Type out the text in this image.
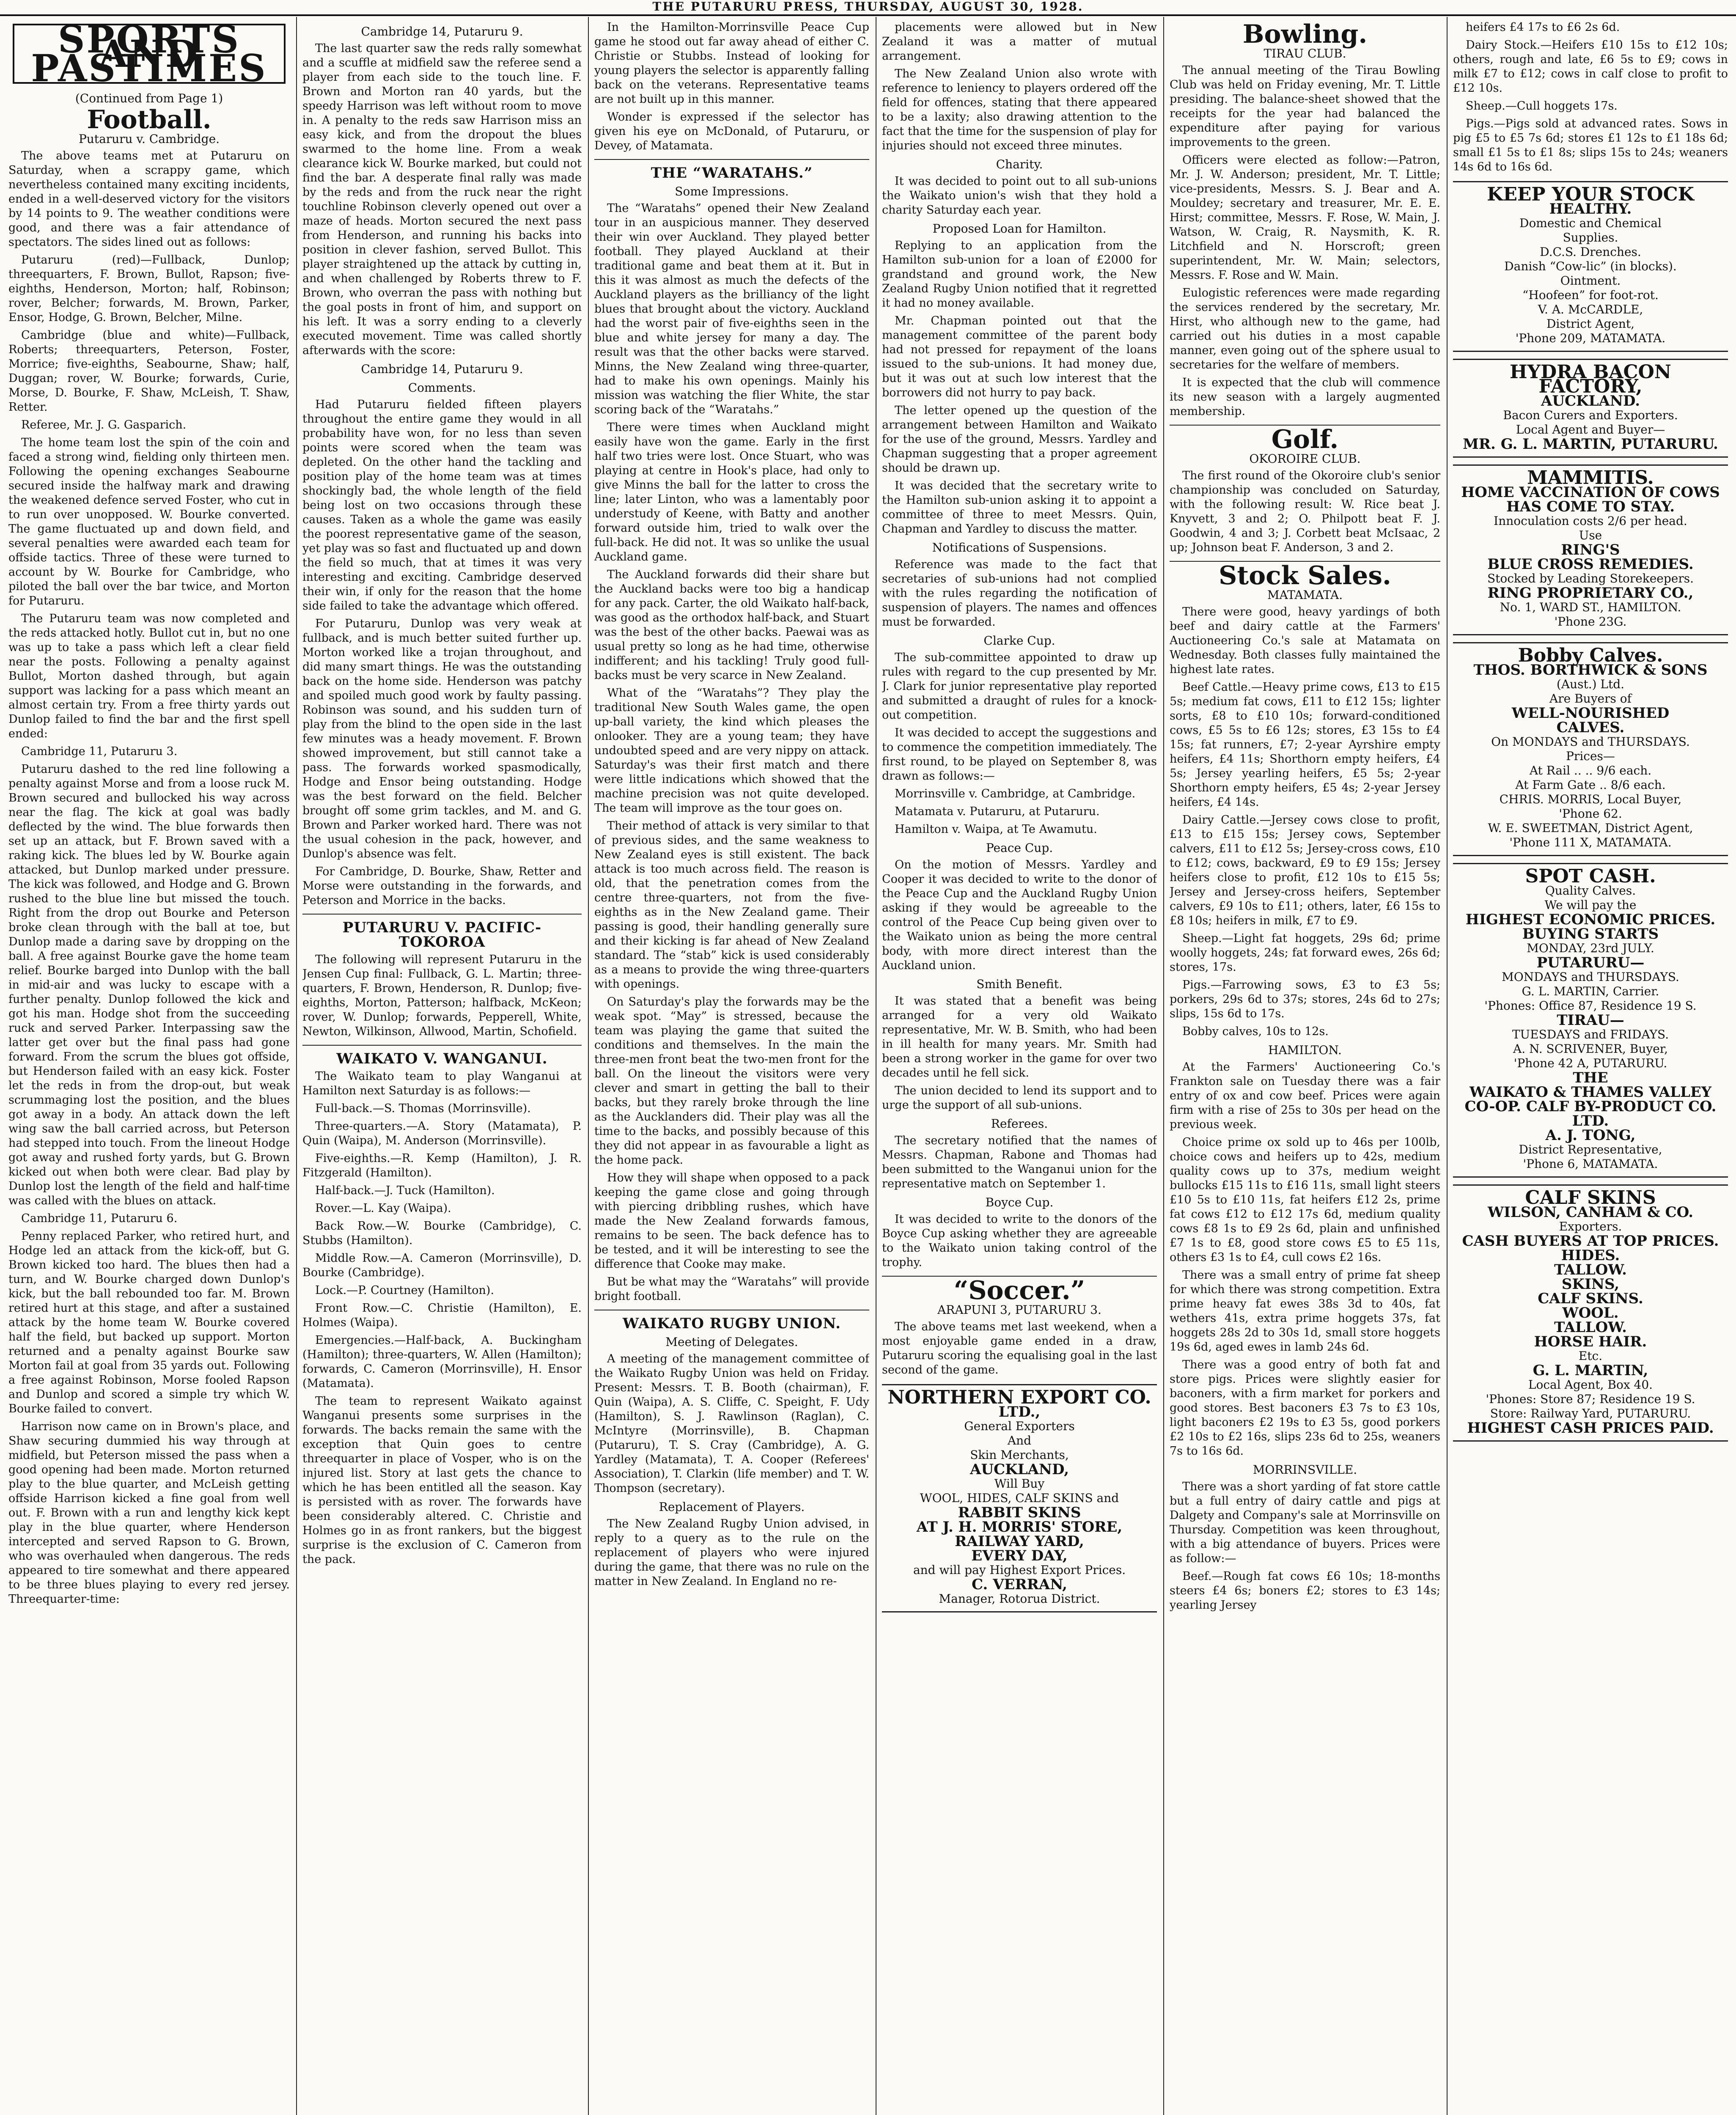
THE PUTARURU PRESS, THURSDAY, AUGUST 30, 1928.
SPORTS AND PASTIMES
(Continued from Page 1)
Football.
Putaruru v. Cambridge.

The above teams met at Putaruru on Saturday, when a scrappy game, which nevertheless contained many exciting incidents, ended in a well-deserved victory for the visitors by 14 points to 9. The weather conditions were good, and there was a fair attendance of spectators. The sides lined out as follows:

Putaruru (red)—Fullback, Dunlop; threequarters, F. Brown, Bullot, Rapson; five-eighths, Henderson, Morton; half, Robinson; rover, Belcher; forwards, M. Brown, Parker, Ensor, Hodge, G. Brown, Belcher, Milne.

Cambridge (blue and white)—Fullback, Roberts; threequarters, Peterson, Foster, Morrice; five-eighths, Seabourne, Shaw; half, Duggan; rover, W. Bourke; forwards, Curie, Morse, D. Bourke, F. Shaw, McLeish, T. Shaw, Retter.

Referee, Mr. J. G. Gasparich.

The home team lost the spin of the coin and faced a strong wind, fielding only thirteen men. Following the opening exchanges Seabourne secured inside the halfway mark and drawing the weakened defence served Foster, who cut in to run over unopposed. W. Bourke converted. The game fluctuated up and down field, and several penalties were awarded each team for offside tactics. Three of these were turned to account by W. Bourke for Cambridge, who piloted the ball over the bar twice, and Morton for Putaruru.

The Putaruru team was now completed and the reds attacked hotly. Bullot cut in, but no one was up to take a pass which left a clear field near the posts. Following a penalty against Bullot, Morton dashed through, but again support was lacking for a pass which meant an almost certain try. From a free thirty yards out Dunlop failed to find the bar and the first spell ended:

Cambridge 11, Putaruru 3.

Putaruru dashed to the red line following a penalty against Morse and from a loose ruck M. Brown secured and bullocked his way across near the flag. The kick at goal was badly deflected by the wind. The blue forwards then set up an attack, but F. Brown saved with a raking kick. The blues led by W. Bourke again attacked, but Dunlop marked under pressure. The kick was followed, and Hodge and G. Brown rushed to the blue line but missed the touch. Right from the drop out Bourke and Peterson broke clean through with the ball at toe, but Dunlop made a daring save by dropping on the ball. A free against Bourke gave the home team relief. Bourke barged into Dunlop with the ball in mid-air and was lucky to escape with a further penalty. Dunlop followed the kick and got his man. Hodge shot from the succeeding ruck and served Parker. Interpassing saw the latter get over but the final pass had gone forward. From the scrum the blues got offside, but Henderson failed with an easy kick. Foster let the reds in from the drop-out, but weak scrummaging lost the position, and the blues got away in a body. An attack down the left wing saw the ball carried across, but Peterson had stepped into touch. From the lineout Hodge got away and rushed forty yards, but G. Brown kicked out when both were clear. Bad play by Dunlop lost the length of the field and half-time was called with the blues on attack.

Cambridge 11, Putaruru 6.

Penny replaced Parker, who retired hurt, and Hodge led an attack from the kick-off, but G. Brown kicked too hard. The blues then had a turn, and W. Bourke charged down Dunlop's kick, but the ball rebounded too far. M. Brown retired hurt at this stage, and after a sustained attack by the home team W. Bourke covered half the field, but backed up support. Morton returned and a penalty against Bourke saw Morton fail at goal from 35 yards out. Following a free against Robinson, Morse fooled Rapson and Dunlop and scored a simple try which W. Bourke failed to convert.

Harrison now came on in Brown's place, and Shaw securing dummied his way through at midfield, but Peterson missed the pass when a good opening had been made. Morton returned play to the blue quarter, and McLeish getting offside Harrison kicked a fine goal from well out. F. Brown with a run and lengthy kick kept play in the blue quarter, where Henderson intercepted and served Rapson to G. Brown, who was overhauled when dangerous. The reds appeared to tire somewhat and there appeared to be three blues playing to every red jersey. Threequarter-time:

Cambridge 14, Putaruru 9.

The last quarter saw the reds rally somewhat and a scuffle at midfield saw the referee send a player from each side to the touch line. F. Brown and Morton ran 40 yards, but the speedy Harrison was left without room to move in. A penalty to the reds saw Harrison miss an easy kick, and from the dropout the blues swarmed to the home line. From a weak clearance kick W. Bourke marked, but could not find the bar. A desperate final rally was made by the reds and from the ruck near the right touchline Robinson cleverly opened out over a maze of heads. Morton secured the next pass from Henderson, and running his backs into position in clever fashion, served Bullot. This player straightened up the attack by cutting in, and when challenged by Roberts threw to F. Brown, who overran the pass with nothing but the goal posts in front of him, and support on his left. It was a sorry ending to a cleverly executed movement. Time was called shortly afterwards with the score:

Cambridge 14, Putaruru 9.
Comments.

Had Putaruru fielded fifteen players throughout the entire game they would in all probability have won, for no less than seven points were scored when the team was depleted. On the other hand the tackling and position play of the home team was at times shockingly bad, the whole length of the field being lost on two occasions through these causes. Taken as a whole the game was easily the poorest representative game of the season, yet play was so fast and fluctuated up and down the field so much, that at times it was very interesting and exciting. Cambridge deserved their win, if only for the reason that the home side failed to take the advantage which offered.

For Putaruru, Dunlop was very weak at fullback, and is much better suited further up. Morton worked like a trojan throughout, and did many smart things. He was the outstanding back on the home side. Henderson was patchy and spoiled much good work by faulty passing. Robinson was sound, and his sudden turn of play from the blind to the open side in the last few minutes was a heady movement. F. Brown showed improvement, but still cannot take a pass. The forwards worked spasmodically, Hodge and Ensor being outstanding. Hodge was the best forward on the field. Belcher brought off some grim tackles, and M. and G. Brown and Parker worked hard. There was not the usual cohesion in the pack, however, and Dunlop's absence was felt.

For Cambridge, D. Bourke, Shaw, Retter and Morse were outstanding in the forwards, and Peterson and Morrice in the backs.

PUTARURU V. PACIFIC-TOKOROA

The following will represent Putaruru in the Jensen Cup final: Fullback, G. L. Martin; three-quarters, F. Brown, Henderson, R. Dunlop; five-eighths, Morton, Patterson; halfback, McKeon; rover, W. Dunlop; forwards, Pepperell, White, Newton, Wilkinson, Allwood, Martin, Schofield.

WAIKATO V. WANGANUI.

The Waikato team to play Wanganui at Hamilton next Saturday is as follows:—

Full-back.—S. Thomas (Morrinsville).

Three-quarters.—A. Story (Matamata), P. Quin (Waipa), M. Anderson (Morrinsville).

Five-eighths.—R. Kemp (Hamilton), J. R. Fitzgerald (Hamilton).

Half-back.—J. Tuck (Hamilton).

Rover.—L. Kay (Waipa).

Back Row.—W. Bourke (Cambridge), C. Stubbs (Hamilton).

Middle Row.—A. Cameron (Morrinsville), D. Bourke (Cambridge).

Lock.—P. Courtney (Hamilton).

Front Row.—C. Christie (Hamilton), E. Holmes (Waipa).

Emergencies.—Half-back, A. Buckingham (Hamilton); three-quarters, W. Allen (Hamilton); forwards, C. Cameron (Morrinsville), H. Ensor (Matamata).

The team to represent Waikato against Wanganui presents some surprises in the forwards. The backs remain the same with the exception that Quin goes to centre threequarter in place of Vosper, who is on the injured list. Story at last gets the chance to which he has been entitled all the season. Kay is persisted with as rover. The forwards have been considerably altered. C. Christie and Holmes go in as front rankers, but the biggest surprise is the exclusion of C. Cameron from the pack.

In the Hamilton-Morrinsville Peace Cup game he stood out far away ahead of either C. Christie or Stubbs. Instead of looking for young players the selector is apparently falling back on the veterans. Representative teams are not built up in this manner.

Wonder is expressed if the selector has given his eye on McDonald, of Putaruru, or Devey, of Matamata.

THE “WARATAHS.”
Some Impressions.

The “Waratahs” opened their New Zealand tour in an auspicious manner. They deserved their win over Auckland. They played better football. They played Auckland at their traditional game and beat them at it. But in this it was almost as much the defects of the Auckland players as the brilliancy of the light blues that brought about the victory. Auckland had the worst pair of five-eighths seen in the blue and white jersey for many a day. The result was that the other backs were starved. Minns, the New Zealand wing three-quarter, had to make his own openings. Mainly his mission was watching the flier White, the star scoring back of the “Waratahs.”

There were times when Auckland might easily have won the game. Early in the first half two tries were lost. Once Stuart, who was playing at centre in Hook's place, had only to give Minns the ball for the latter to cross the line; later Linton, who was a lamentably poor understudy of Keene, with Batty and another forward outside him, tried to walk over the full-back. He did not. It was so unlike the usual Auckland game.

The Auckland forwards did their share but the Auckland backs were too big a handicap for any pack. Carter, the old Waikato half-back, was good as the orthodox half-back, and Stuart was the best of the other backs. Paewai was as usual pretty so long as he had time, otherwise indifferent; and his tackling! Truly good full-backs must be very scarce in New Zealand.

What of the “Waratahs”? They play the traditional New South Wales game, the open up-ball variety, the kind which pleases the onlooker. They are a young team; they have undoubted speed and are very nippy on attack. Saturday's was their first match and there were little indications which showed that the machine precision was not quite developed. The team will improve as the tour goes on.

Their method of attack is very similar to that of previous sides, and the same weakness to New Zealand eyes is still existent. The back attack is too much across field. The reason is old, that the penetration comes from the centre three-quarters, not from the five-eighths as in the New Zealand game. Their passing is good, their handling generally sure and their kicking is far ahead of New Zealand standard. The “stab” kick is used considerably as a means to provide the wing three-quarters with openings.

On Saturday's play the forwards may be the weak spot. “May” is stressed, because the team was playing the game that suited the conditions and themselves. In the main the three-men front beat the two-men front for the ball. On the lineout the visitors were very clever and smart in getting the ball to their backs, but they rarely broke through the line as the Aucklanders did. Their play was all the time to the backs, and possibly because of this they did not appear in as favourable a light as the home pack.

How they will shape when opposed to a pack keeping the game close and going through with piercing dribbling rushes, which have made the New Zealand forwards famous, remains to be seen. The back defence has to be tested, and it will be interesting to see the difference that Cooke may make.

But be what may the “Waratahs” will provide bright football.

WAIKATO RUGBY UNION.
Meeting of Delegates.

A meeting of the management committee of the Waikato Rugby Union was held on Friday. Present: Messrs. T. B. Booth (chairman), F. Quin (Waipa), A. S. Cliffe, C. Speight, F. Udy (Hamilton), S. J. Rawlinson (Raglan), C. McIntyre (Morrinsville), B. Chapman (Putaruru), T. S. Cray (Cambridge), A. G. Yardley (Matamata), T. A. Cooper (Referees' Association), T. Clarkin (life member) and T. W. Thompson (secretary).

Replacement of Players.

The New Zealand Rugby Union advised, in reply to a query as to the rule on the replacement of players who were injured during the game, that there was no rule on the matter in New Zealand. In England no re-

placements were allowed but in New Zealand it was a matter of mutual arrangement.

The New Zealand Union also wrote with reference to leniency to players ordered off the field for offences, stating that there appeared to be a laxity; also drawing attention to the fact that the time for the suspension of play for injuries should not exceed three minutes.

Charity.

It was decided to point out to all sub-unions the Waikato union's wish that they hold a charity Saturday each year.

Proposed Loan for Hamilton.

Replying to an application from the Hamilton sub-union for a loan of £2000 for grandstand and ground work, the New Zealand Rugby Union notified that it regretted it had no money available.

Mr. Chapman pointed out that the management committee of the parent body had not pressed for repayment of the loans issued to the sub-unions. It had money due, but it was out at such low interest that the borrowers did not hurry to pay back.

The letter opened up the question of the arrangement between Hamilton and Waikato for the use of the ground, Messrs. Yardley and Chapman suggesting that a proper agreement should be drawn up.

It was decided that the secretary write to the Hamilton sub-union asking it to appoint a committee of three to meet Messrs. Quin, Chapman and Yardley to discuss the matter.

Notifications of Suspensions.

Reference was made to the fact that secretaries of sub-unions had not complied with the rules regarding the notification of suspension of players. The names and offences must be forwarded.

Clarke Cup.

The sub-committee appointed to draw up rules with regard to the cup presented by Mr. J. Clark for junior representative play reported and submitted a draught of rules for a knock-out competition.

It was decided to accept the suggestions and to commence the competition immediately. The first round, to be played on September 8, was drawn as follows:—

Morrinsville v. Cambridge, at Cambridge.

Matamata v. Putaruru, at Putaruru.

Hamilton v. Waipa, at Te Awamutu.

Peace Cup.

On the motion of Messrs. Yardley and Cooper it was decided to write to the donor of the Peace Cup and the Auckland Rugby Union asking if they would be agreeable to the control of the Peace Cup being given over to the Waikato union as being the more central body, with more direct interest than the Auckland union.

Smith Benefit.

It was stated that a benefit was being arranged for a very old Waikato representative, Mr. W. B. Smith, who had been in ill health for many years. Mr. Smith had been a strong worker in the game for over two decades until he fell sick.

The union decided to lend its support and to urge the support of all sub-unions.

Referees.

The secretary notified that the names of Messrs. Chapman, Rabone and Thomas had been submitted to the Wanganui union for the representative match on September 1.

Boyce Cup.

It was decided to write to the donors of the Boyce Cup asking whether they are agreeable to the Waikato union taking control of the trophy.

“Soccer.”
ARAPUNI 3, PUTARURU 3.

The above teams met last weekend, when a most enjoyable game ended in a draw, Putaruru scoring the equalising goal in the last second of the game.

NORTHERN EXPORT CO.
LTD.,
General Exporters
And
Skin Merchants,
AUCKLAND,
Will Buy
WOOL, HIDES, CALF SKINS and
RABBIT SKINS
AT J. H. MORRIS' STORE,
RAILWAY YARD,
EVERY DAY,
and will pay Highest Export Prices.
C. VERRAN,
Manager, Rotorua District.
Bowling.
TIRAU CLUB.

The annual meeting of the Tirau Bowling Club was held on Friday evening, Mr. T. Little presiding. The balance-sheet showed that the receipts for the year had balanced the expenditure after paying for various improvements to the green.

Officers were elected as follow:—Patron, Mr. J. W. Anderson; president, Mr. T. Little; vice-presidents, Messrs. S. J. Bear and A. Mouldey; secretary and treasurer, Mr. E. E. Hirst; committee, Messrs. F. Rose, W. Main, J. Watson, W. Craig, R. Naysmith, K. R. Litchfield and N. Horscroft; green superintendent, Mr. W. Main; selectors, Messrs. F. Rose and W. Main.

Eulogistic references were made regarding the services rendered by the secretary, Mr. Hirst, who although new to the game, had carried out his duties in a most capable manner, even going out of the sphere usual to secretaries for the welfare of members.

It is expected that the club will commence its new season with a largely augmented membership.

Golf.
OKOROIRE CLUB.

The first round of the Okoroire club's senior championship was concluded on Saturday, with the following result: W. Rice beat J. Knyvett, 3 and 2; O. Philpott beat F. J. Goodwin, 4 and 3; J. Corbett beat McIsaac, 2 up; Johnson beat F. Anderson, 3 and 2.

Stock Sales.
MATAMATA.

There were good, heavy yardings of both beef and dairy cattle at the Farmers' Auctioneering Co.'s sale at Matamata on Wednesday. Both classes fully maintained the highest late rates.

Beef Cattle.—Heavy prime cows, £13 to £15 5s; medium fat cows, £11 to £12 15s; lighter sorts, £8 to £10 10s; forward-conditioned cows, £5 5s to £6 12s; stores, £3 15s to £4 15s; fat runners, £7; 2-year Ayrshire empty heifers, £4 11s; Shorthorn empty heifers, £4 5s; Jersey yearling heifers, £5 5s; 2-year Shorthorn empty heifers, £5 4s; 2-year Jersey heifers, £4 14s.

Dairy Cattle.—Jersey cows close to profit, £13 to £15 15s; Jersey cows, September calvers, £11 to £12 5s; Jersey-cross cows, £10 to £12; cows, backward, £9 to £9 15s; Jersey heifers close to profit, £12 10s to £15 5s; Jersey and Jersey-cross heifers, September calvers, £9 10s to £11; others, later, £6 15s to £8 10s; heifers in milk, £7 to £9.

Sheep.—Light fat hoggets, 29s 6d; prime woolly hoggets, 24s; fat forward ewes, 26s 6d; stores, 17s.

Pigs.—Farrowing sows, £3 to £3 5s; porkers, 29s 6d to 37s; stores, 24s 6d to 27s; slips, 15s 6d to 17s.

Bobby calves, 10s to 12s.

HAMILTON.

At the Farmers' Auctioneering Co.'s Frankton sale on Tuesday there was a fair entry of ox and cow beef. Prices were again firm with a rise of 25s to 30s per head on the previous week.

Choice prime ox sold up to 46s per 100lb, choice cows and heifers up to 42s, medium quality cows up to 37s, medium weight bullocks £15 11s to £16 11s, small light steers £10 5s to £10 11s, fat heifers £12 2s, prime fat cows £12 to £12 17s 6d, medium quality cows £8 1s to £9 2s 6d, plain and unfinished £7 1s to £8, good store cows £5 to £5 11s, others £3 1s to £4, cull cows £2 16s.

There was a small entry of prime fat sheep for which there was strong competition. Extra prime heavy fat ewes 38s 3d to 40s, fat wethers 41s, extra prime hoggets 37s, fat hoggets 28s 2d to 30s 1d, small store hoggets 19s 6d, aged ewes in lamb 24s 6d.

There was a good entry of both fat and store pigs. Prices were slightly easier for baconers, with a firm market for porkers and good stores. Best baconers £3 7s to £3 10s, light baconers £2 19s to £3 5s, good porkers £2 10s to £2 16s, slips 23s 6d to 25s, weaners 7s to 16s 6d.

MORRINSVILLE.

There was a short yarding of fat store cattle but a full entry of dairy cattle and pigs at Dalgety and Company's sale at Morrinsville on Thursday. Competition was keen throughout, with a big attendance of buyers. Prices were as follow:—

Beef.—Rough fat cows £6 10s; 18-months steers £4 6s; boners £2; stores to £3 14s; yearling Jersey

heifers £4 17s to £6 2s 6d.

Dairy Stock.—Heifers £10 15s to £12 10s; others, rough and late, £6 5s to £9; cows in milk £7 to £12; cows in calf close to profit to £12 10s.

Sheep.—Cull hoggets 17s.

Pigs.—Pigs sold at advanced rates. Sows in pig £5 to £5 7s 6d; stores £1 12s to £1 18s 6d; small £1 5s to £1 8s; slips 15s to 24s; weaners 14s 6d to 16s 6d.

KEEP YOUR STOCK
HEALTHY.
Domestic and Chemical
Supplies.
D.C.S. Drenches.
Danish “Cow-lic” (in blocks).
Ointment.
“Hoofeen” for foot-rot.
V. A. McCARDLE,
District Agent,
'Phone 209, MATAMATA.
HYDRA BACON FACTORY,
AUCKLAND.
Bacon Curers and Exporters.
Local Agent and Buyer—
MR. G. L. MARTIN, PUTARURU.
MAMMITIS.
HOME VACCINATION OF COWS
HAS COME TO STAY.
Innoculation costs 2/6 per head.
Use
RING'S
BLUE CROSS REMEDIES.
Stocked by Leading Storekeepers.
RING PROPRIETARY CO.,
No. 1, WARD ST., HAMILTON.
'Phone 23G.
Bobby Calves.
THOS. BORTHWICK & SONS
(Aust.) Ltd.
Are Buyers of
WELL-NOURISHED
CALVES.
On MONDAYS and THURSDAYS.
Prices—
At Rail .. .. 9/6 each.
At Farm Gate .. 8/6 each.
CHRIS. MORRIS, Local Buyer,
'Phone 62.
W. E. SWEETMAN, District Agent,
'Phone 111 X, MATAMATA.
SPOT CASH.
Quality Calves.
We will pay the
HIGHEST ECONOMIC PRICES.
BUYING STARTS
MONDAY, 23rd JULY.
PUTARURU—
MONDAYS and THURSDAYS.
G. L. MARTIN, Carrier.
'Phones: Office 87, Residence 19 S.
TIRAU—
TUESDAYS and FRIDAYS.
A. N. SCRIVENER, Buyer,
'Phone 42 A, PUTARURU.
THE
WAIKATO & THAMES VALLEY
CO-OP. CALF BY-PRODUCT CO.
LTD.
A. J. TONG,
District Representative,
'Phone 6, MATAMATA.
CALF SKINS
WILSON, CANHAM & CO.
Exporters.
CASH BUYERS AT TOP PRICES.
HIDES.
TALLOW.
SKINS,
CALF SKINS.
WOOL.
TALLOW.
HORSE HAIR.
Etc.
G. L. MARTIN,
Local Agent, Box 40.
'Phones: Store 87; Residence 19 S.
Store: Railway Yard, PUTARURU.
HIGHEST CASH PRICES PAID.
